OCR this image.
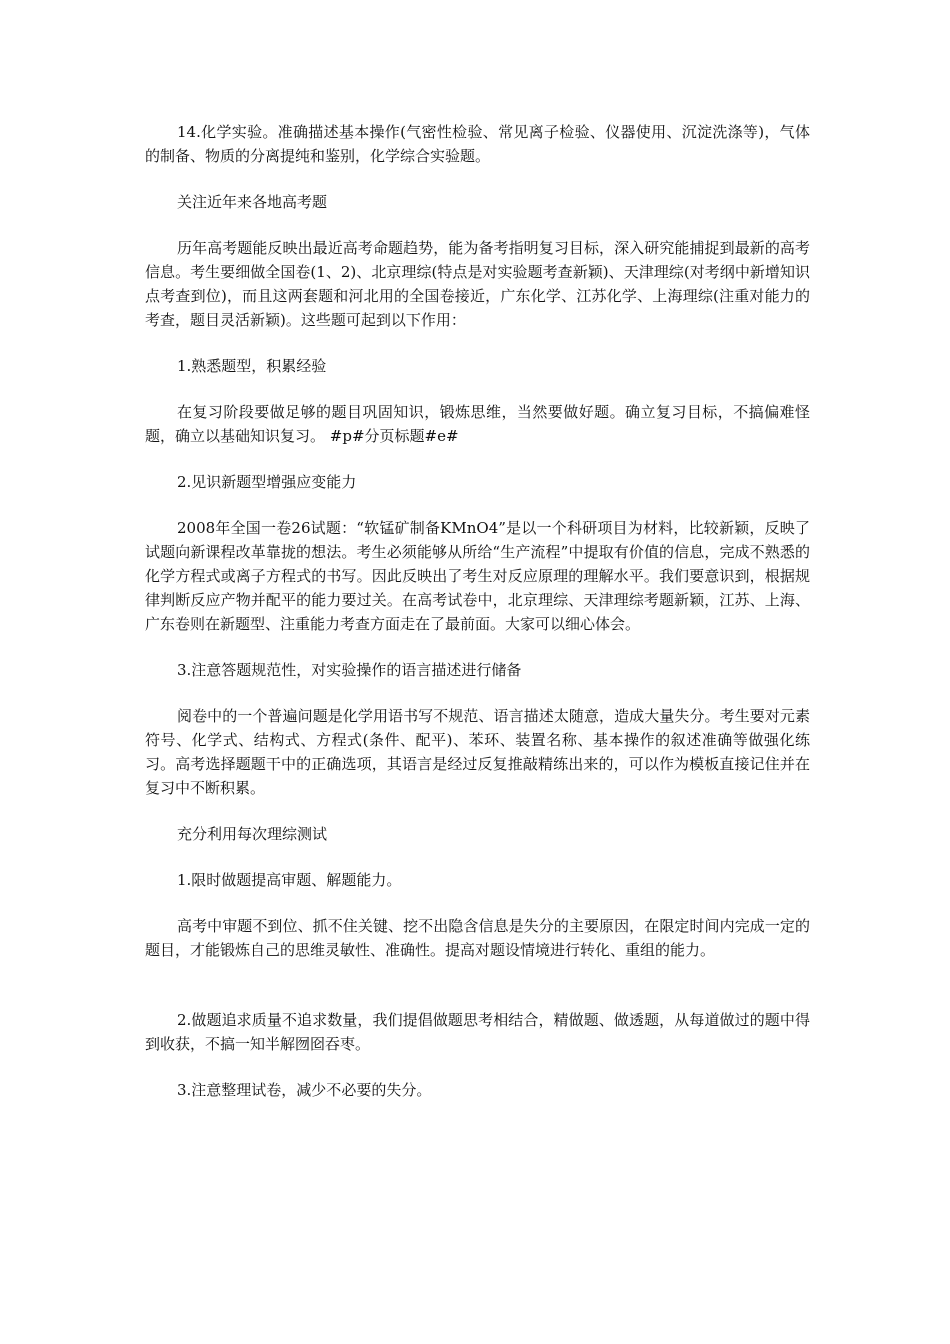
14.化学实验。准确描述基本操作(气密性检验、常见离子检验、仪器使用、沉淀洗涤等)，气体的制备、物质的分离提纯和鉴别，化学综合实验题。

关注近年来各地高考题

历年高考题能反映出最近高考命题趋势，能为备考指明复习目标，深入研究能捕捉到最新的高考信息。考生要细做全国卷(1、2)、北京理综(特点是对实验题考查新颖)、天津理综(对考纲中新增知识点考查到位)，而且这两套题和河北用的全国卷接近，广东化学、江苏化学、上海理综(注重对能力的考查，题目灵活新颖)。这些题可起到以下作用：

1.熟悉题型，积累经验

在复习阶段要做足够的题目巩固知识，锻炼思维，当然要做好题。确立复习目标，不搞偏难怪题，确立以基础知识复习。 #p#分页标题#e#

2.见识新题型增强应变能力

2008年全国一卷26试题：“软锰矿制备KMnO4”是以一个科研项目为材料，比较新颖，反映了试题向新课程改革靠拢的想法。考生必须能够从所给“生产流程”中提取有价值的信息，完成不熟悉的化学方程式或离子方程式的书写。因此反映出了考生对反应原理的理解水平。我们要意识到，根据规律判断反应产物并配平的能力要过关。在高考试卷中，北京理综、天津理综考题新颖，江苏、上海、广东卷则在新题型、注重能力考查方面走在了最前面。大家可以细心体会。

3.注意答题规范性，对实验操作的语言描述进行储备

阅卷中的一个普遍问题是化学用语书写不规范、语言描述太随意，造成大量失分。考生要对元素符号、化学式、结构式、方程式(条件、配平)、苯环、装置名称、基本操作的叙述准确等做强化练习。高考选择题题干中的正确选项，其语言是经过反复推敲精练出来的，可以作为模板直接记住并在复习中不断积累。

充分利用每次理综测试

1.限时做题提高审题、解题能力。

高考中审题不到位、抓不住关键、挖不出隐含信息是失分的主要原因，在限定时间内完成一定的题目，才能锻炼自己的思维灵敏性、准确性。提高对题设情境进行转化、重组的能力。

2.做题追求质量不追求数量，我们提倡做题思考相结合，精做题、做透题，从每道做过的题中得到收获，不搞一知半解囫囵吞枣。

3.注意整理试卷，减少不必要的失分。
